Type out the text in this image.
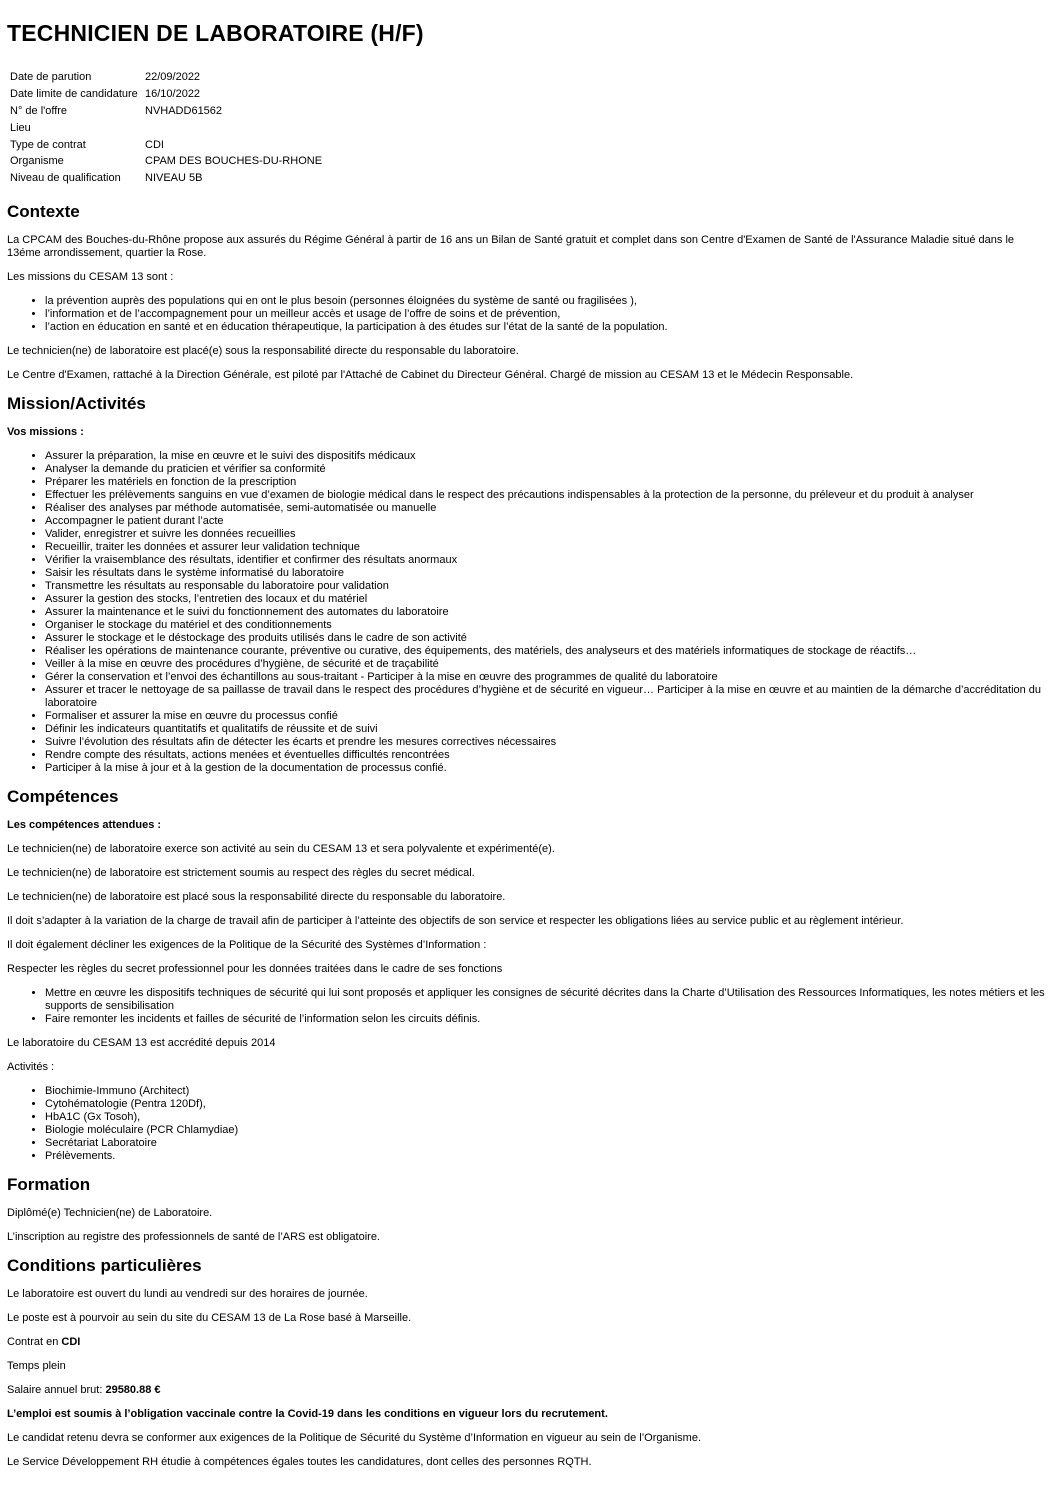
TECHNICIEN DE LABORATOIRE (H/F)
Date de parution	22/09/2022
Date limite de candidature	16/10/2022
N° de l'offre	NVHADD61562
Lieu	
Type de contrat	CDI
Organisme	CPAM DES BOUCHES-DU-RHONE
Niveau de qualification	NIVEAU 5B
Contexte

La CPCAM des Bouches-du-Rhône propose aux assurés du Régime Général à partir de 16 ans un Bilan de Santé gratuit et complet dans son Centre d'Examen de Santé de l'Assurance Maladie situé dans le 13éme arrondissement, quartier la Rose.

Les missions du CESAM 13 sont :

• la prévention auprès des populations qui en ont le plus besoin (personnes éloignées du système de santé ou fragilisées ),
• l’information et de l’accompagnement pour un meilleur accès et usage de l’offre de soins et de prévention,
• l’action en éducation en santé et en éducation thérapeutique, la participation à des études sur l’état de la santé de la population.

Le technicien(ne) de laboratoire est placé(e) sous la responsabilité directe du responsable du laboratoire.

Le Centre d'Examen, rattaché à la Direction Générale, est piloté par l'Attaché de Cabinet du Directeur Général. Chargé de mission au CESAM 13 et le Médecin Responsable.

Mission/Activités

Vos missions :

• Assurer la préparation, la mise en œuvre et le suivi des dispositifs médicaux
• Analyser la demande du praticien et vérifier sa conformité
• Préparer les matériels en fonction de la prescription
• Effectuer les prélèvements sanguins en vue d’examen de biologie médical dans le respect des précautions indispensables à la protection de la personne, du préleveur et du produit à analyser
• Réaliser des analyses par méthode automatisée, semi-automatisée ou manuelle
• Accompagner le patient durant l’acte
• Valider, enregistrer et suivre les données recueillies
• Recueillir, traiter les données et assurer leur validation technique
• Vérifier la vraisemblance des résultats, identifier et confirmer des résultats anormaux
• Saisir les résultats dans le système informatisé du laboratoire
• Transmettre les résultats au responsable du laboratoire pour validation
• Assurer la gestion des stocks, l’entretien des locaux et du matériel
• Assurer la maintenance et le suivi du fonctionnement des automates du laboratoire
• Organiser le stockage du matériel et des conditionnements
• Assurer le stockage et le déstockage des produits utilisés dans le cadre de son activité
• Réaliser les opérations de maintenance courante, préventive ou curative, des équipements, des matériels, des analyseurs et des matériels informatiques de stockage de réactifs…
• Veiller à la mise en œuvre des procédures d’hygiène, de sécurité et de traçabilité
• Gérer la conservation et l’envoi des échantillons au sous-traitant - Participer à la mise en œuvre des programmes de qualité du laboratoire
• Assurer et tracer le nettoyage de sa paillasse de travail dans le respect des procédures d’hygiène et de sécurité en vigueur… Participer à la mise en œuvre et au maintien de la démarche d’accréditation du laboratoire
• Formaliser et assurer la mise en œuvre du processus confié
• Définir les indicateurs quantitatifs et qualitatifs de réussite et de suivi
• Suivre l’évolution des résultats afin de détecter les écarts et prendre les mesures correctives nécessaires
• Rendre compte des résultats, actions menées et éventuelles difficultés rencontrées
• Participer à la mise à jour et à la gestion de la documentation de processus confié.
Compétences

Les compétences attendues :

Le technicien(ne) de laboratoire exerce son activité au sein du CESAM 13 et sera polyvalente et expérimenté(e).

Le technicien(ne) de laboratoire est strictement soumis au respect des règles du secret médical.

Le technicien(ne) de laboratoire est placé sous la responsabilité directe du responsable du laboratoire.

Il doit s’adapter à la variation de la charge de travail afin de participer à l’atteinte des objectifs de son service et respecter les obligations liées au service public et au règlement intérieur.

Il doit également décliner les exigences de la Politique de la Sécurité des Systèmes d’Information :

Respecter les règles du secret professionnel pour les données traitées dans le cadre de ses fonctions

• Mettre en œuvre les dispositifs techniques de sécurité qui lui sont proposés et appliquer les consignes de sécurité décrites dans la Charte d’Utilisation des Ressources Informatiques, les notes métiers et les supports de sensibilisation
• Faire remonter les incidents et failles de sécurité de l’information selon les circuits définis.

Le laboratoire du CESAM 13 est accrédité depuis 2014

Activités :

• Biochimie-Immuno (Architect)
• Cytohématologie (Pentra 120Df),
• HbA1C (Gx Tosoh),
• Biologie moléculaire (PCR Chlamydiae)
• Secrétariat Laboratoire
• Prélèvements.
Formation

Diplômé(e) Technicien(ne) de Laboratoire.

L’inscription au registre des professionnels de santé de l’ARS est obligatoire.

Conditions particulières

Le laboratoire est ouvert du lundi au vendredi sur des horaires de journée.

Le poste est à pourvoir au sein du site du CESAM 13 de La Rose basé à Marseille.

Contrat en CDI

Temps plein

Salaire annuel brut: 29580.88 €

L’emploi est soumis à l’obligation vaccinale contre la Covid-19 dans les conditions en vigueur lors du recrutement.

Le candidat retenu devra se conformer aux exigences de la Politique de Sécurité du Système d’Information en vigueur au sein de l’Organisme.

Le Service Développement RH étudie à compétences égales toutes les candidatures, dont celles des personnes RQTH.
